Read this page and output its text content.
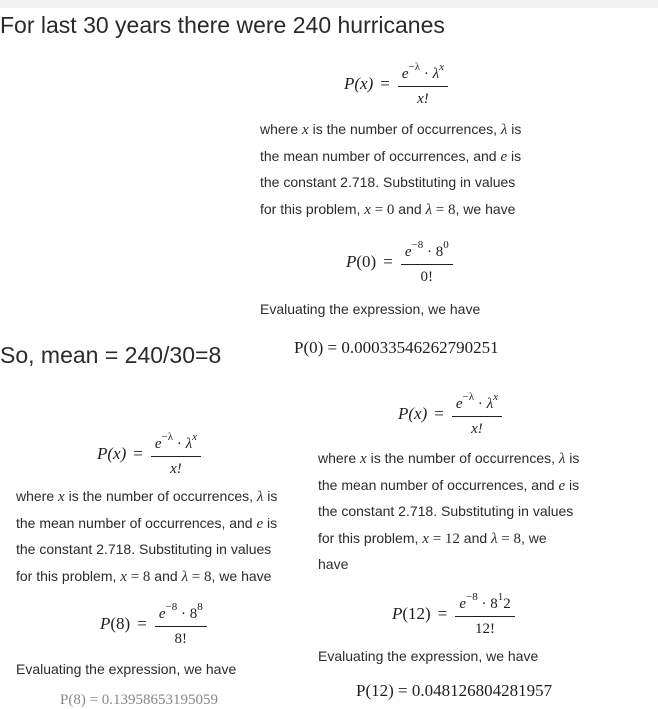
For last 30 years there were 240 hurricanes
$P(x) = \frac{e^{-\lambda} \cdot \lambda^x}{x!}$
where x is the number of occurrences, λ is
the mean number of occurrences, and e is
the constant 2.718. Substituting in values
for this problem, x = 0 and λ = 8, we have
$P(0) = \frac{e^{-8} \cdot 8^0}{0!}$
Evaluating the expression, we have
P(0) = 0.00033546262790251
So, mean = 240/30=8
$P(x) = \frac{e^{-\lambda} \cdot \lambda^x}{x!}$
where x is the number of occurrences, λ is
the mean number of occurrences, and e is
the constant 2.718. Substituting in values
for this problem, x = 12 and λ = 8, we
have
$P(12) = \frac{e^{-8} \cdot 8^12}{12!}$
Evaluating the expression, we have
P(12) = 0.048126804281957
$P(x) = \frac{e^{-\lambda} \cdot \lambda^x}{x!}$
where x is the number of occurrences, λ is
the mean number of occurrences, and e is
the constant 2.718. Substituting in values
for this problem, x = 8 and λ = 8, we have
$P(8) = \frac{e^{-8} \cdot 8^8}{8!}$
Evaluating the expression, we have
P(8) = 0.13958653195059
